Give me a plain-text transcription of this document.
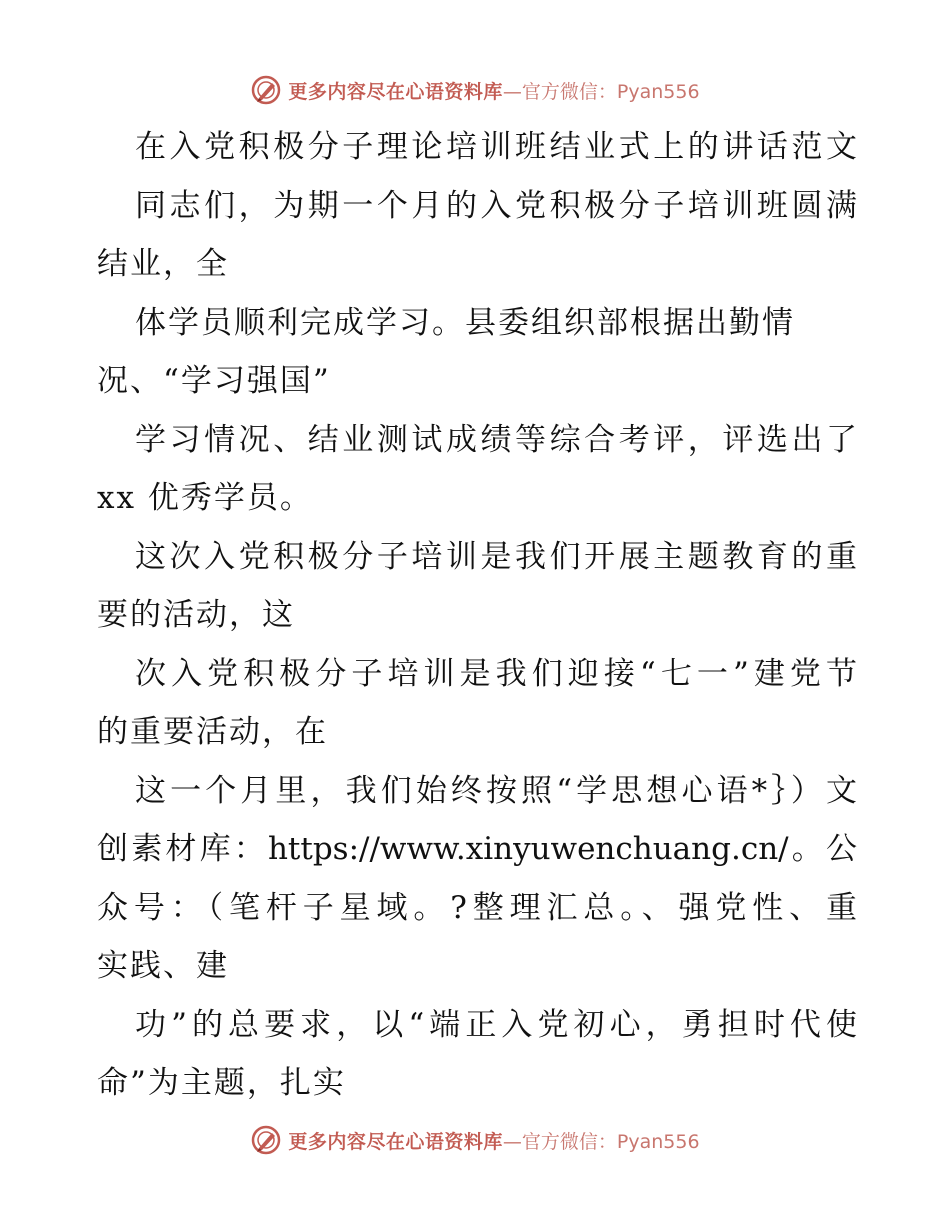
更多内容尽在心语资料库 —官方微信：Pyan556
在入党积极分子理论培训班结业式上的讲话范文
同志们，为期一个月的入党积极分子培训班圆满
结业，全
体学员顺利完成学习。县委组织部根据出勤情
况、“学习强国”
学习情况、结业测试成绩等综合考评，评选出了
xx 优秀学员。
这次入党积极分子培训是我们开展主题教育的重
要的活动，这
次入党积极分子培训是我们迎接“七一”建党节
的重要活动，在
这一个月里，我们始终按照“学思想心语*｝）文
创素材库：https://www.xinyuwenchuang.cn/。公
众号：（笔杆子星域。?整理汇总。、强党性、重
实践、建
功”的总要求，以“端正入党初心，勇担时代使
命”为主题，扎实
更多内容尽在心语资料库 —官方微信：Pyan556
